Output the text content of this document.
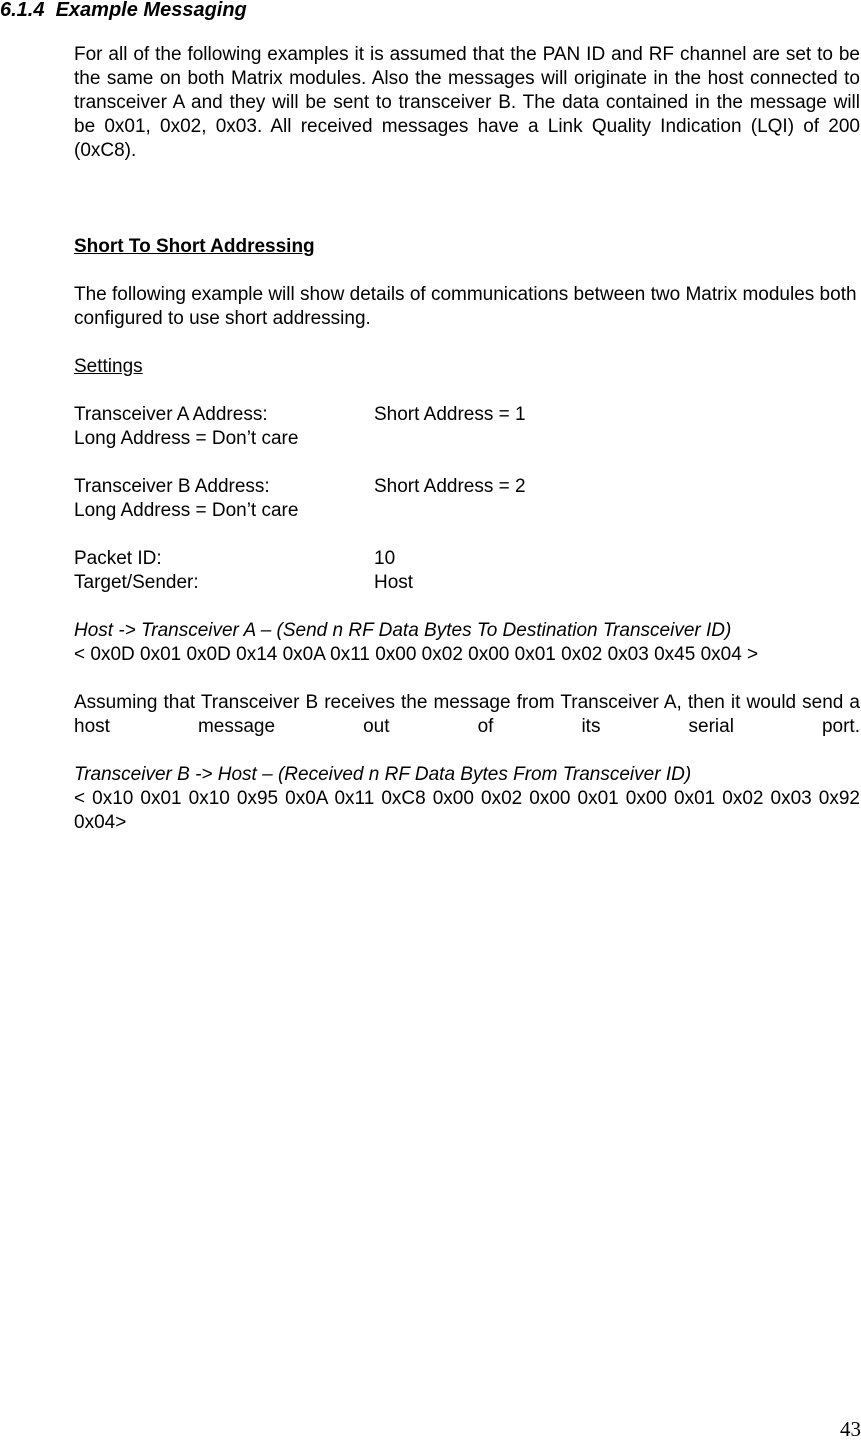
6.1.4  Example Messaging

For all of the following examples it is assumed that the PAN ID and RF channel are set to be the same on both Matrix modules. Also the messages will originate in the host connected to transceiver A and they will be sent to transceiver B. The data contained in the message will be 0x01, 0x02, 0x03. All received messages have a Link Quality Indication (LQI) of 200 (0xC8).

Short To Short Addressing

The following example will show details of communications between two Matrix modules both configured to use short addressing.

Settings

Transceiver A Address:	Short Address = 1

Long Address = Don’t care

Transceiver B Address:	Short Address = 2

Long Address = Don’t care

Packet ID:	10
Target/Sender:	Host

Host -> Transceiver A – (Send n RF Data Bytes To Destination Transceiver ID)

< 0x0D 0x01 0x0D 0x14 0x0A 0x11 0x00 0x02 0x00 0x01 0x02 0x03 0x45 0x04 >

Assuming that Transceiver B receives the message from Transceiver A, then it would send a host message out of its serial port.

Transceiver B -> Host – (Received n RF Data Bytes From Transceiver ID)

< 0x10 0x01 0x10 0x95 0x0A 0x11 0xC8 0x00 0x02 0x00 0x01 0x00 0x01 0x02 0x03 0x92 0x04>

43
